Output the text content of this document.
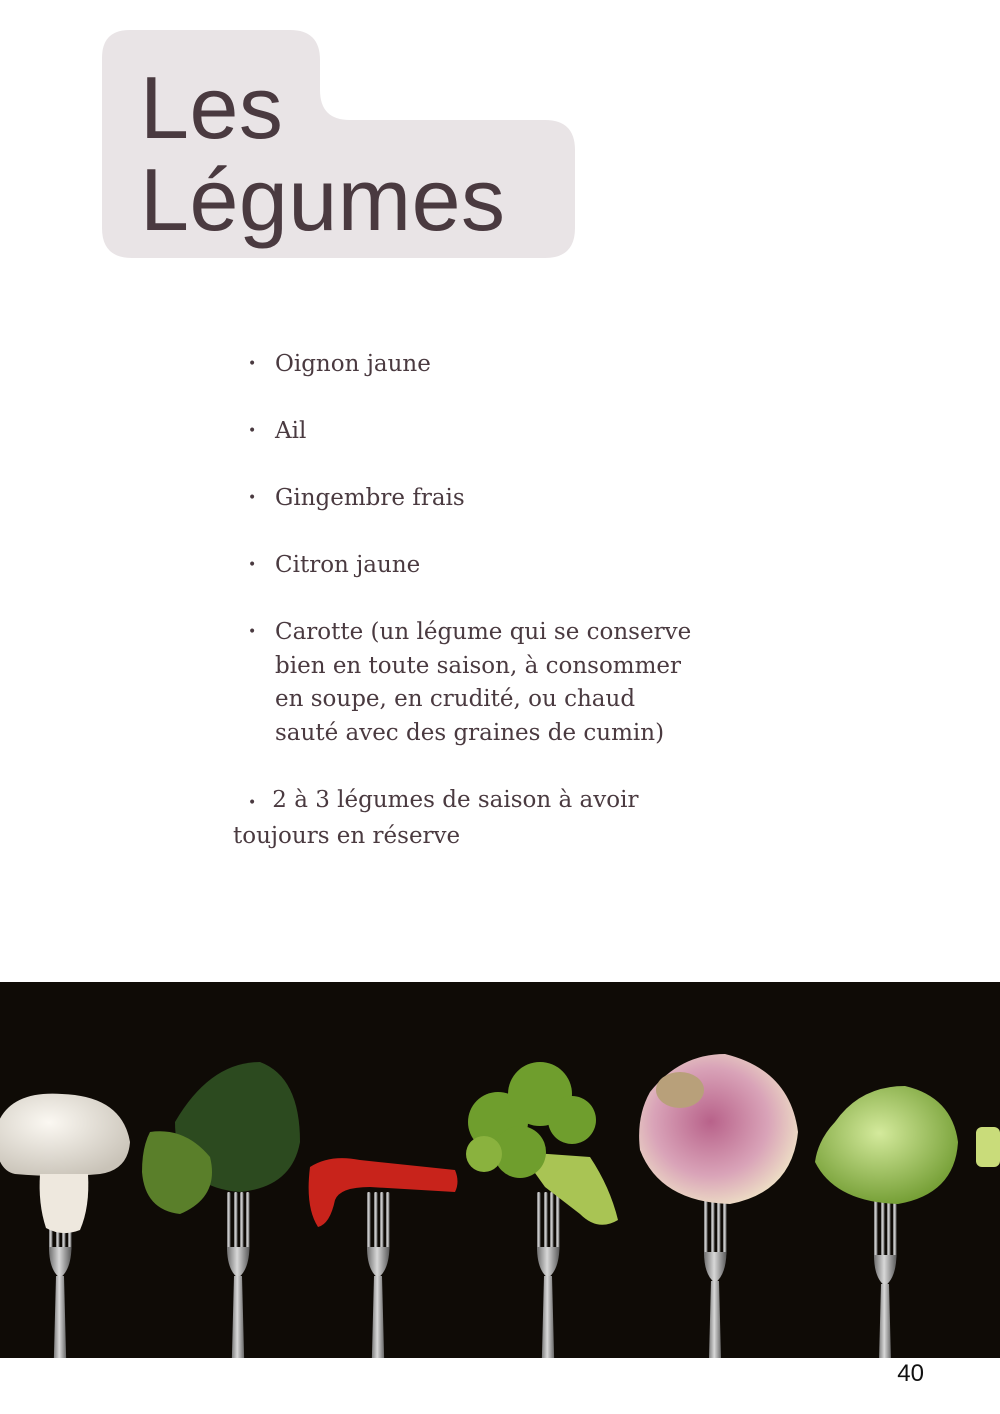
Les
Légumes
• Oignon jaune
• Ail
• Gingembre frais
• Citron jaune
• Carotte (un légume qui se conserve bien en toute saison, à consommer en soupe, en crudité, ou chaud sauté avec des graines de cumin)
• 2 à 3 légumes de saison à avoir toujours en réserve
40
